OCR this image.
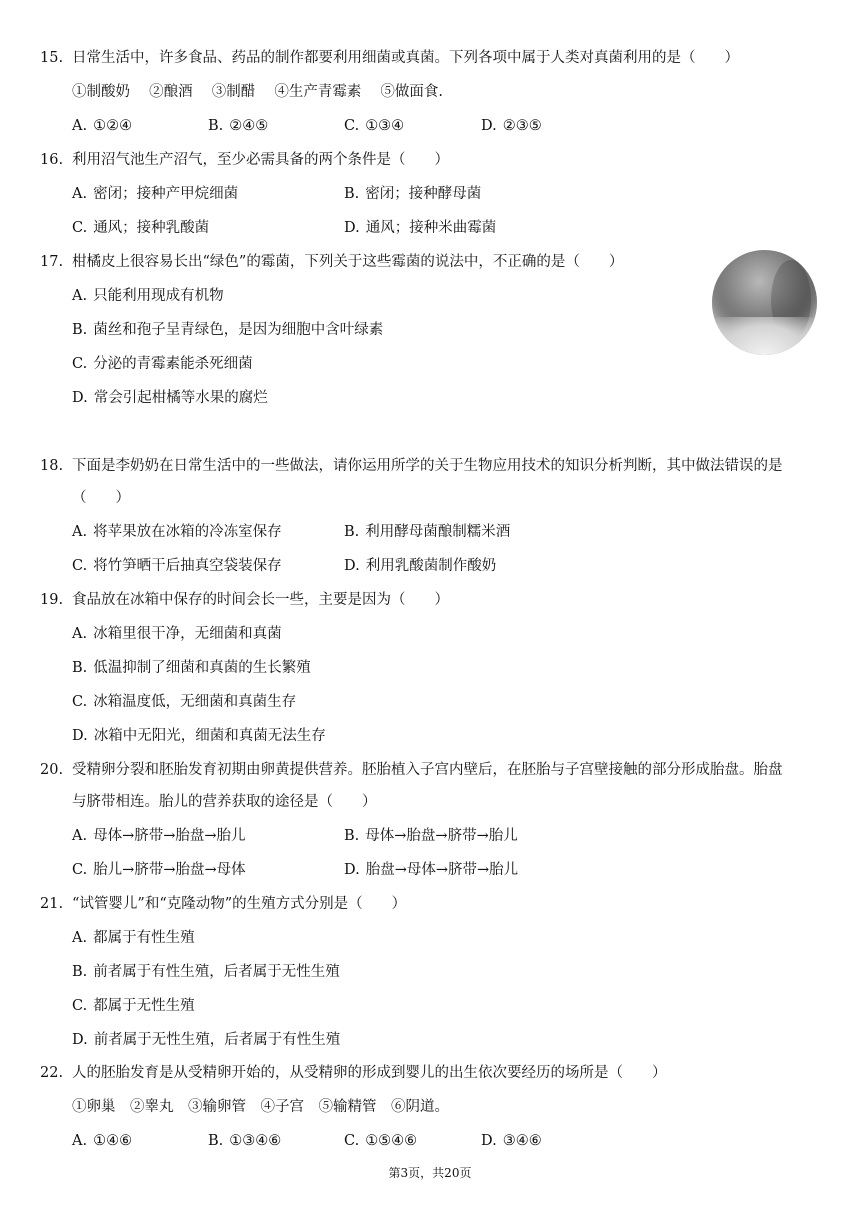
15. 日常生活中，许多食品、药品的制作都要利用细菌或真菌。下列各项中属于人类对真菌利用的是（　　）
①制酸奶　 ②酿酒　 ③制醋　 ④生产青霉素　 ⑤做面食.
A. ①②④	B. ②④⑤	C. ①③④	D. ②③⑤
16. 利用沼气池生产沼气，至少必需具备的两个条件是（　　）
A. 密闭；接种产甲烷细菌	B. 密闭；接种酵母菌
C. 通风；接种乳酸菌	D. 通风；接种米曲霉菌
17. 柑橘皮上很容易长出“绿色”的霉菌，下列关于这些霉菌的说法中，不正确的是（　　）
A. 只能利用现成有机物
B. 菌丝和孢子呈青绿色，是因为细胞中含叶绿素
C. 分泌的青霉素能杀死细菌
D. 常会引起柑橘等水果的腐烂
18. 下面是李奶奶在日常生活中的一些做法，请你运用所学的关于生物应用技术的知识分析判断，其中做法错误的是
（　　）
A. 将苹果放在冰箱的冷冻室保存	B. 利用酵母菌酿制糯米酒
C. 将竹笋晒干后抽真空袋装保存	D. 利用乳酸菌制作酸奶
19. 食品放在冰箱中保存的时间会长一些，主要是因为（　　）
A. 冰箱里很干净，无细菌和真菌
B. 低温抑制了细菌和真菌的生长繁殖
C. 冰箱温度低，无细菌和真菌生存
D. 冰箱中无阳光，细菌和真菌无法生存
20. 受精卵分裂和胚胎发育初期由卵黄提供营养。胚胎植入子宫内壁后，在胚胎与子宫壁接触的部分形成胎盘。胎盘
与脐带相连。胎儿的营养获取的途径是（　　）
A. 母体→脐带→胎盘→胎儿	B. 母体→胎盘→脐带→胎儿
C. 胎儿→脐带→胎盘→母体	D. 胎盘→母体→脐带→胎儿
21. “试管婴儿”和“克隆动物”的生殖方式分别是（　　）
A. 都属于有性生殖
B. 前者属于有性生殖，后者属于无性生殖
C. 都属于无性生殖
D. 前者属于无性生殖，后者属于有性生殖
22. 人的胚胎发育是从受精卵开始的，从受精卵的形成到婴儿的出生依次要经历的场所是（　　）
①卵巢　②睾丸　③输卵管　④子宫　⑤输精管　⑥阴道。
A. ①④⑥	B. ①③④⑥	C. ①⑤④⑥	D. ③④⑥
第3页，共20页
